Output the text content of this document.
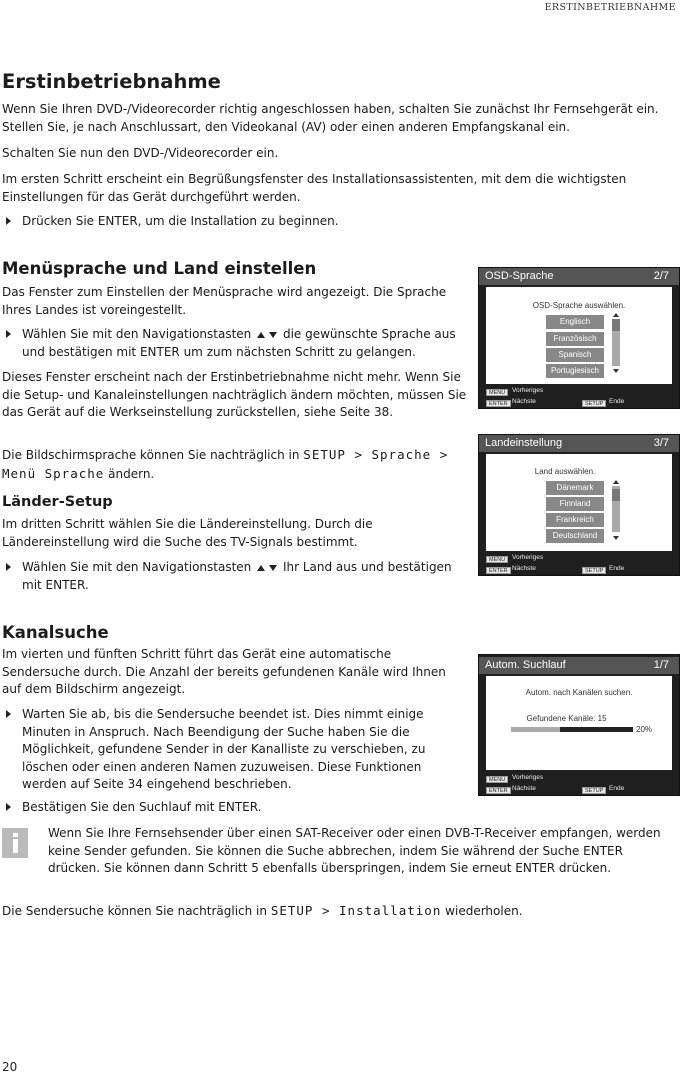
ERSTINBETRIEBNAHME
Erstinbetriebnahme
Wenn Sie Ihren DVD-/Videorecorder richtig angeschlossen haben, schalten Sie zunächst Ihr Fernsehgerät ein. Stellen Sie, je nach Anschlussart, den Videokanal (AV) oder einen anderen Empfangskanal ein.
Schalten Sie nun den DVD-/Videorecorder ein.
Im ersten Schritt erscheint ein Begrüßungsfenster des Installationsassistenten, mit dem die wichtigsten Einstellungen für das Gerät durchgeführt werden.
Drücken Sie ENTER, um die Installation zu beginnen.
Menüsprache und Land einstellen
Das Fenster zum Einstellen der Menüsprache wird angezeigt. Die Sprache Ihres Landes ist voreingestellt.
Wählen Sie mit den Navigationstasten	die gewünschte Sprache aus und bestätigen mit ENTER um zum nächsten Schritt zu gelangen.
Dieses Fenster erscheint nach der Erstinbetriebnahme nicht mehr. Wenn Sie die Setup- und Kanaleinstellungen nachträglich ändern möchten, müssen Sie das Gerät auf die Werkseinstellung zurückstellen, siehe Seite 38.
Die Bildschirmsprache können Sie nachträglich in SETUP > Sprache > Menü Sprache ändern.
Länder-Setup
Im dritten Schritt wählen Sie die Ländereinstellung. Durch die Ländereinstellung wird die Suche des TV-Signals bestimmt.
Wählen Sie mit den Navigationstasten	Ihr Land aus und bestätigen mit ENTER.
Kanalsuche
Im vierten und fünften Schritt führt das Gerät eine automatische Sendersuche durch. Die Anzahl der bereits gefundenen Kanäle wird Ihnen auf dem Bildschirm angezeigt.
Warten Sie ab, bis die Sendersuche beendet ist. Dies nimmt einige Minuten in Anspruch. Nach Beendigung der Suche haben Sie die Möglichkeit, gefundene Sender in der Kanalliste zu verschieben, zu löschen oder einen anderen Namen zuzuweisen. Diese Funktionen werden auf Seite 34 eingehend beschrieben.
Bestätigen Sie den Suchlauf mit ENTER.
Wenn Sie Ihre Fernsehsender über einen SAT-Receiver oder einen DVB-T-Receiver empfangen, werden keine Sender gefunden. Sie können die Suche abbrechen, indem Sie während der Suche ENTER drücken. Sie können dann Schritt 5 ebenfalls überspringen, indem Sie erneut ENTER drücken.
Die Sendersuche können Sie nachträglich in SETUP > Installation wiederholen.
OSD-Sprache	2/7
OSD-Sprache auswählen.
Englisch
Französisch
Spanisch
Portugiesisch
MENU	Vorheriges
ENTER Nächste	SETUP Ende
Landeinstellung	3/7
Land auswählen.
Dänemark
Finnland
Frankreich
Deutschland
MENU	Vorheriges
ENTER Nächste	SETUP Ende
Autom. Suchlauf	1/7
Autom. nach Kanälen suchen.
Gefundene Kanäle: 15
20%
MENU	Vorheriges
ENTER Nächste	SETUP Ende
20
